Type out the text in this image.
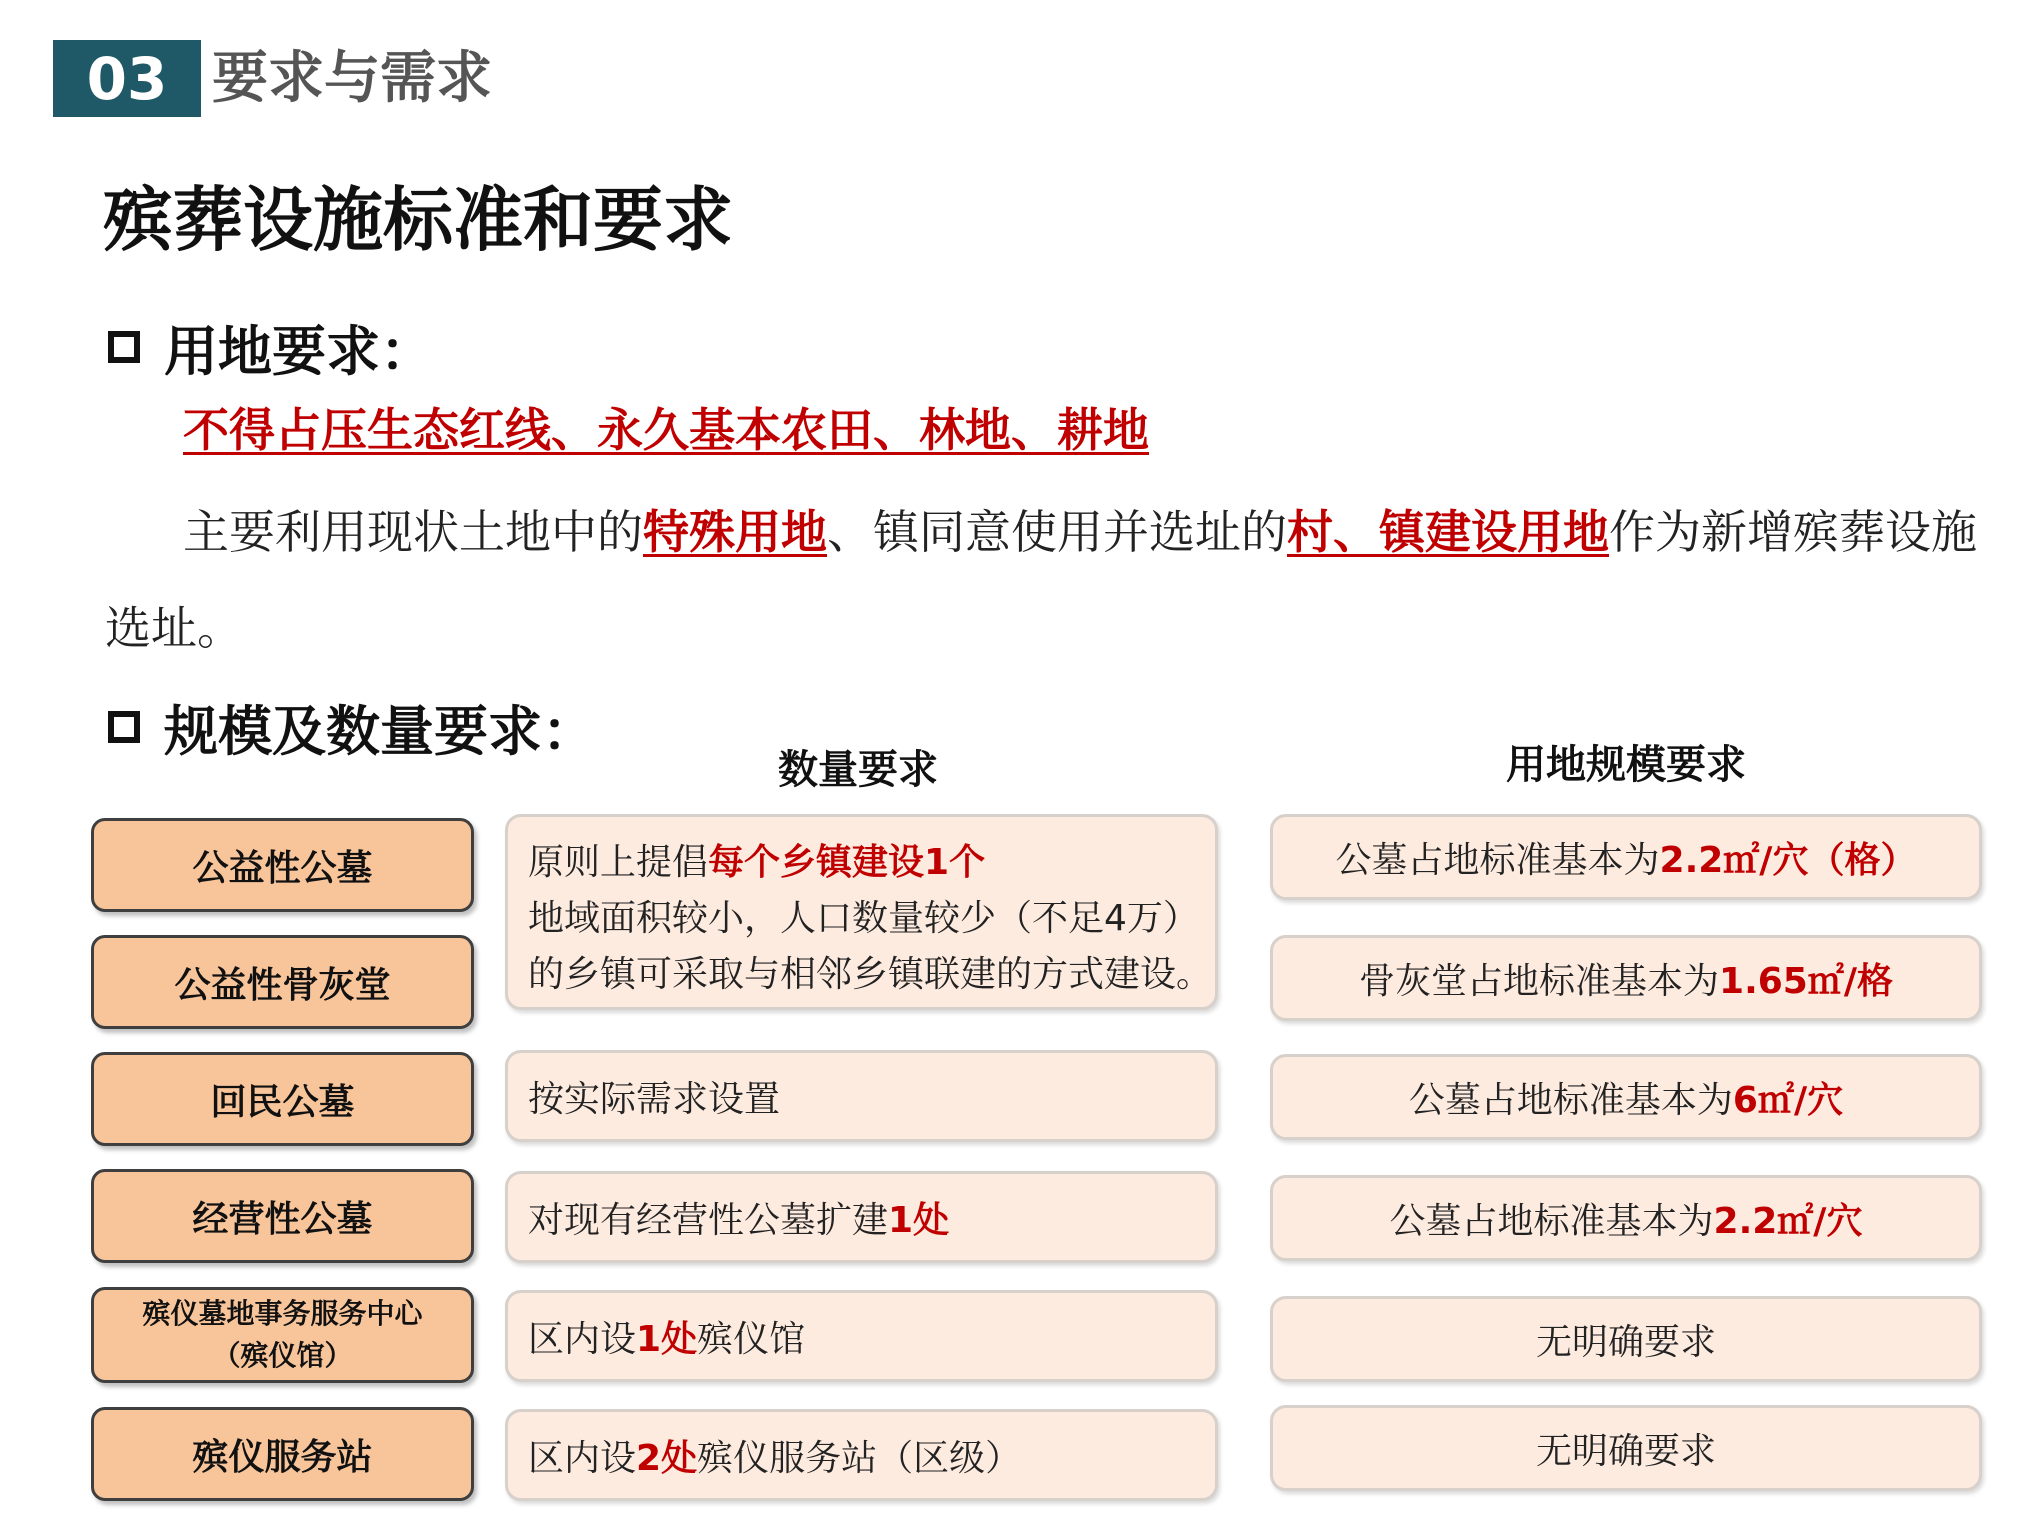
03 要求与需求
殡葬设施标准和要求
用地要求：
不得占压生态红线、永久基本农田、林地、耕地
主要利用现状土地中的特殊用地、镇同意使用并选址的村、镇建设用地作为新增殡葬设施选址。
规模及数量要求：
数量要求	用地规模要求
公益性公墓
公益性骨灰堂
回民公墓
经营性公墓
殡仪墓地事务服务中心
（殡仪馆）
殡仪服务站
原则上提倡每个乡镇建设1个
地域面积较小，人口数量较少（不足4万）
的乡镇可采取与相邻乡镇联建的方式建设。
按实际需求设置
对现有经营性公墓扩建 1处
区内设 1处 殡仪馆
区内设 2处 殡仪服务站（区级）
公墓占地标准基本为 2.2㎡/穴（格）
骨灰堂占地标准基本为 1.65㎡/格
公墓占地标准基本为 6㎡/穴
公墓占地标准基本为 2.2㎡/穴
无明确要求
无明确要求
